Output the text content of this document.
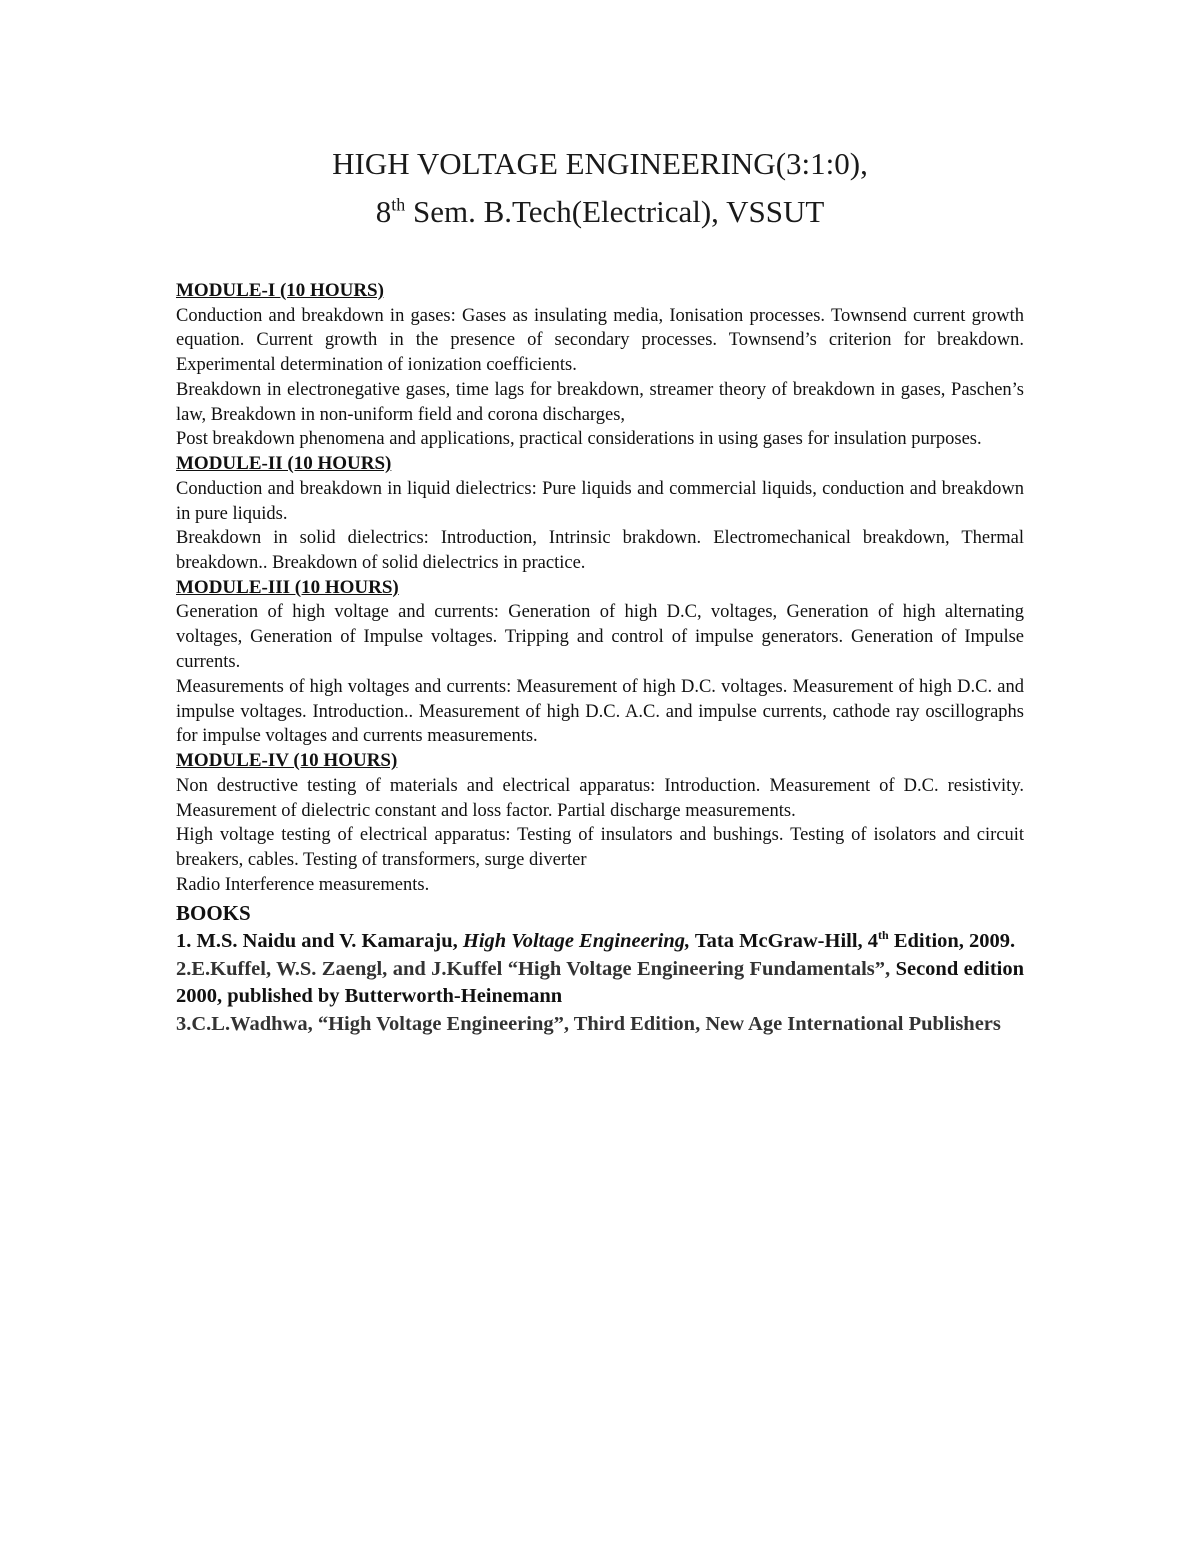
HIGH VOLTAGE ENGINEERING(3:1:0),
8th Sem. B.Tech(Electrical), VSSUT
MODULE-I (10 HOURS)
Conduction and breakdown in gases: Gases as insulating media, Ionisation processes. Townsend current growth equation. Current growth in the presence of secondary processes. Townsend’s criterion for breakdown. Experimental determination of ionization coefficients.
Breakdown in electronegative gases, time lags for breakdown, streamer theory of breakdown in gases, Paschen’s law, Breakdown in non-uniform field and corona discharges,
Post breakdown phenomena and applications, practical considerations in using gases for insulation purposes.
MODULE-II (10 HOURS)
Conduction and breakdown in liquid dielectrics: Pure liquids and commercial liquids, conduction and breakdown in pure liquids.
Breakdown in solid dielectrics: Introduction, Intrinsic brakdown. Electromechanical breakdown, Thermal breakdown.. Breakdown of solid dielectrics in practice.
MODULE-III (10 HOURS)
Generation of high voltage and currents: Generation of high D.C, voltages, Generation of high alternating voltages, Generation of Impulse voltages. Tripping and control of impulse generators. Generation of Impulse currents.
Measurements of high voltages and currents: Measurement of high D.C. voltages. Measurement of high D.C. and impulse voltages. Introduction.. Measurement of high D.C. A.C. and impulse currents, cathode ray oscillographs for impulse voltages and currents measurements.
MODULE-IV (10 HOURS)
Non destructive testing of materials and electrical apparatus: Introduction. Measurement of D.C. resistivity. Measurement of dielectric constant and loss factor. Partial discharge measurements.
High voltage testing of electrical apparatus: Testing of insulators and bushings. Testing of isolators and circuit breakers, cables. Testing of transformers, surge diverter
Radio Interference measurements.
BOOKS
1. M.S. Naidu and V. Kamaraju, High Voltage Engineering, Tata McGraw-Hill, 4th Edition, 2009.
2.E.Kuffel, W.S. Zaengl, and J.Kuffel “High Voltage Engineering Fundamentals”, Second edition 2000, published by Butterworth-Heinemann
3.C.L.Wadhwa, “High Voltage Engineering”, Third Edition, New Age International Publishers
